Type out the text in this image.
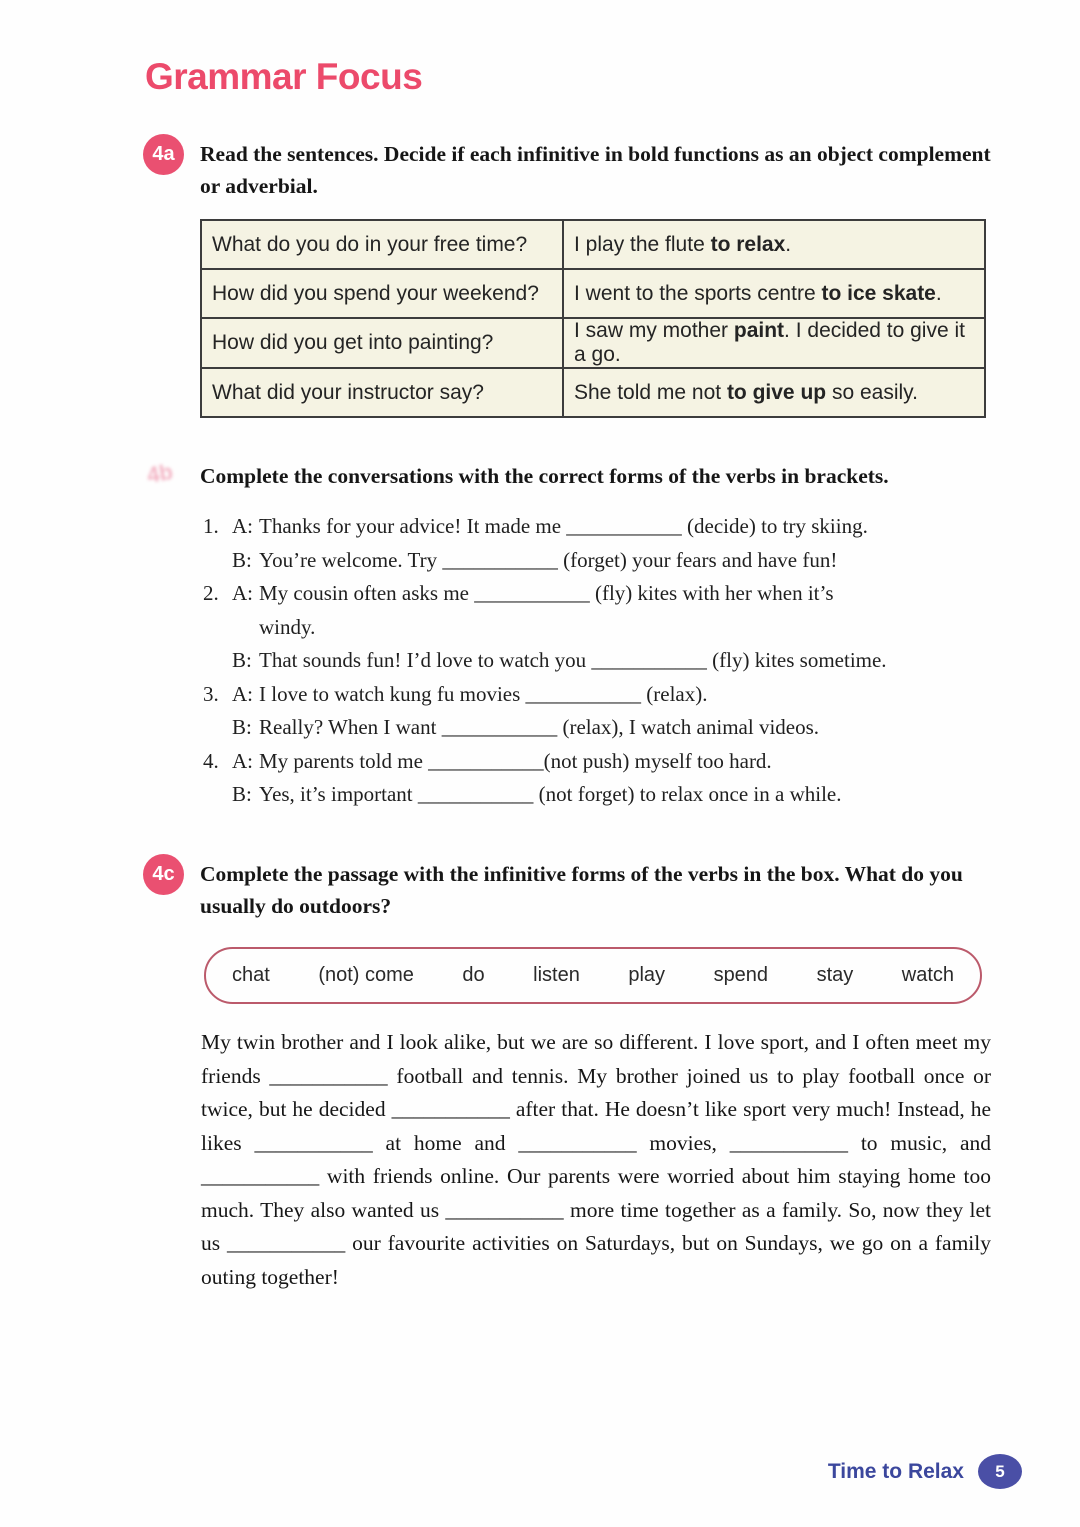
Grammar Focus
4a	Read the sentences. Decide if each infinitive in bold functions as an object complement or adverbial.
What do you do in your free time?	I play the flute to relax.
How did you spend your weekend?	I went to the sports centre to ice skate.
How did you get into painting?	I saw my mother paint. I decided to give it a go.
What did your instructor say?	She told me not to give up so easily.
4b	Complete the conversations with the correct forms of the verbs in brackets.
1. A: Thanks for your advice! It made me ___________ (decide) to try skiing.
B: You’re welcome. Try ___________ (forget) your fears and have fun!
2. A: My cousin often asks me ___________ (fly) kites with her when it’s
windy.
B: That sounds fun! I’d love to watch you ___________ (fly) kites sometime.
3. A: I love to watch kung fu movies ___________ (relax).
B: Really? When I want ___________ (relax), I watch animal videos.
4. A: My parents told me ___________(not push) myself too hard.
B: Yes, it’s important ___________ (not forget) to relax once in a while.
4c	Complete the passage with the infinitive forms of the verbs in the box. What do you usually do outdoors?
chat (not) come do listen play spend stay watch

My twin brother and I look alike, but we are so different. I love sport, and I often meet my friends ___________ football and tennis. My brother joined us to play football once or twice, but he decided ___________ after that. He doesn’t like sport very much! Instead, he likes ___________ at home and ___________ movies, ___________ to music, and ___________ with friends online. Our parents were worried about him staying home too much. They also wanted us ___________ more time together as a family. So, now they let us ___________ our favourite activities on Saturdays, but on Sundays, we go on a family outing together!

Time to Relax	5
